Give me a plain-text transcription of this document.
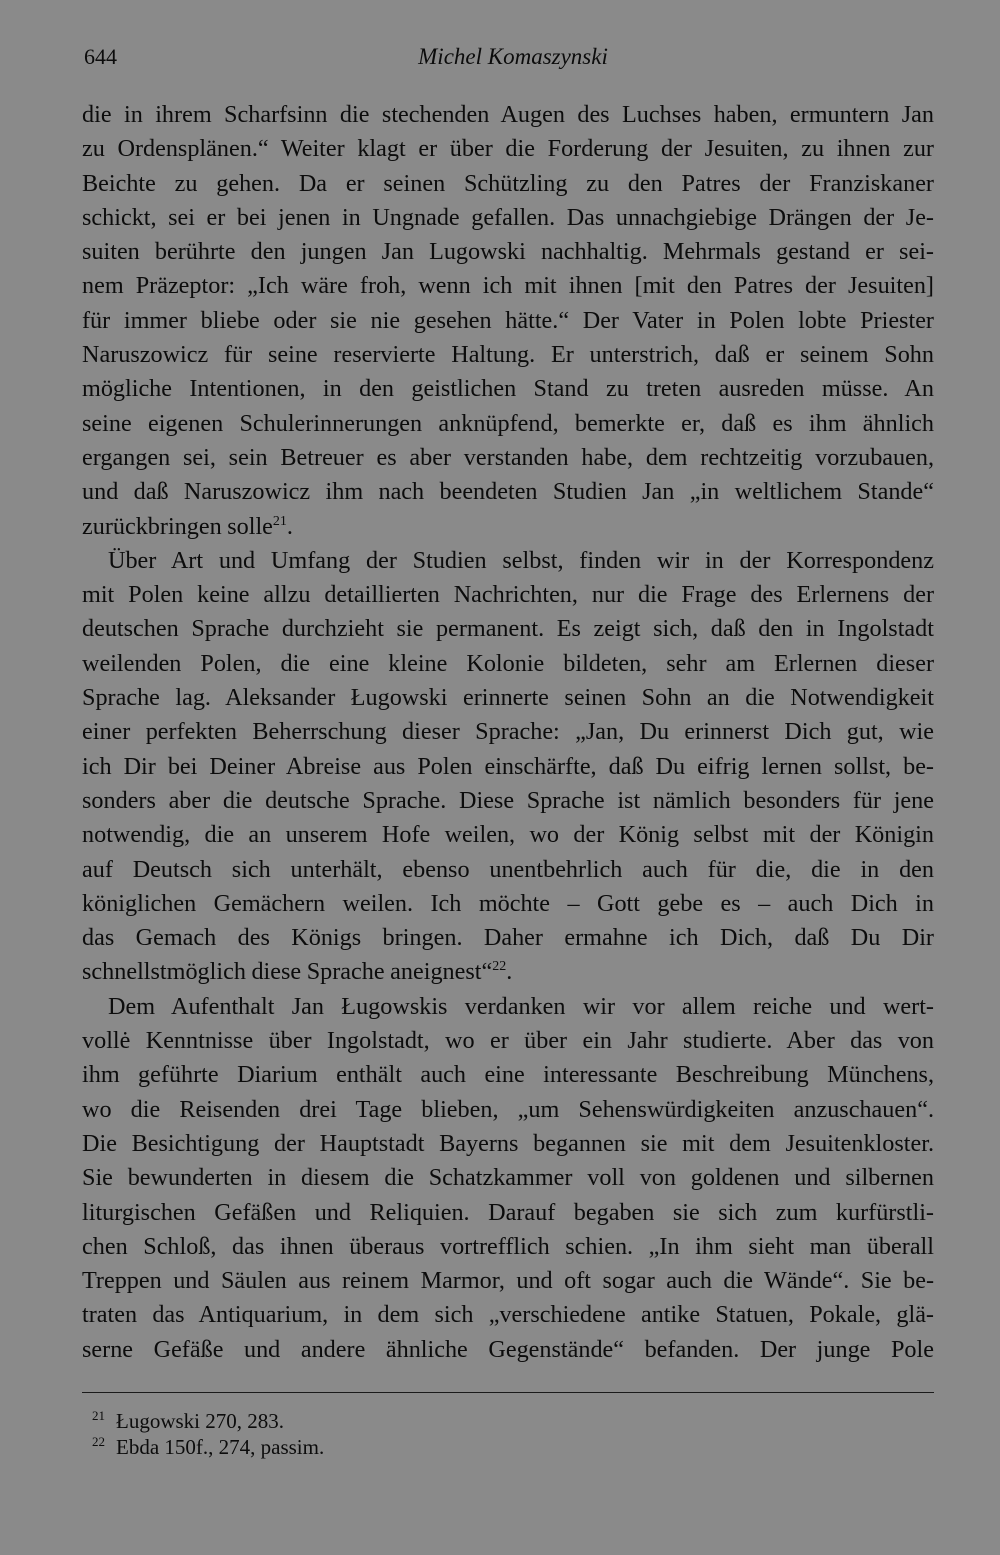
644	Michel Komaszynski
die in ihrem Scharfsinn die stechenden Augen des Luchses haben, ermuntern Jan
zu Ordensplänen.“ Weiter klagt er über die Forderung der Jesuiten, zu ihnen zur
Beichte zu gehen. Da er seinen Schützling zu den Patres der Franziskaner
schickt, sei er bei jenen in Ungnade gefallen. Das unnachgiebige Drängen der Je-
suiten berührte den jungen Jan Lugowski nachhaltig. Mehrmals gestand er sei-
nem Präzeptor: „Ich wäre froh, wenn ich mit ihnen [mit den Patres der Jesuiten]
für immer bliebe oder sie nie gesehen hätte.“ Der Vater in Polen lobte Priester
Naruszowicz für seine reservierte Haltung. Er unterstrich, daß er seinem Sohn
mögliche Intentionen, in den geistlichen Stand zu treten ausreden müsse. An
seine eigenen Schulerinnerungen anknüpfend, bemerkte er, daß es ihm ähnlich
ergangen sei, sein Betreuer es aber verstanden habe, dem rechtzeitig vorzubauen,
und daß Naruszowicz ihm nach beendeten Studien Jan „in weltlichem Stande“
zurückbringen solle$^{21}$.
Über Art und Umfang der Studien selbst, finden wir in der Korrespondenz
mit Polen keine allzu detaillierten Nachrichten, nur die Frage des Erlernens der
deutschen Sprache durchzieht sie permanent. Es zeigt sich, daß den in Ingolstadt
weilenden Polen, die eine kleine Kolonie bildeten, sehr am Erlernen dieser
Sprache lag. Aleksander Ługowski erinnerte seinen Sohn an die Notwendigkeit
einer perfekten Beherrschung dieser Sprache: „Jan, Du erinnerst Dich gut, wie
ich Dir bei Deiner Abreise aus Polen einschärfte, daß Du eifrig lernen sollst, be-
sonders aber die deutsche Sprache. Diese Sprache ist nämlich besonders für jene
notwendig, die an unserem Hofe weilen, wo der König selbst mit der Königin
auf Deutsch sich unterhält, ebenso unentbehrlich auch für die, die in den
königlichen Gemächern weilen. Ich möchte – Gott gebe es – auch Dich in
das Gemach des Königs bringen. Daher ermahne ich Dich, daß Du Dir
schnellstmöglich diese Sprache aneignest“$^{22}$.
Dem Aufenthalt Jan Ługowskis verdanken wir vor allem reiche und wert-
vollė Kenntnisse über Ingolstadt, wo er über ein Jahr studierte. Aber das von
ihm geführte Diarium enthält auch eine interessante Beschreibung Münchens,
wo die Reisenden drei Tage blieben, „um Sehenswürdigkeiten anzuschauen“.
Die Besichtigung der Hauptstadt Bayerns begannen sie mit dem Jesuitenkloster.
Sie bewunderten in diesem die Schatzkammer voll von goldenen und silbernen
liturgischen Gefäßen und Reliquien. Darauf begaben sie sich zum kurfürstli-
chen Schloß, das ihnen überaus vortrefflich schien. „In ihm sieht man überall
Treppen und Säulen aus reinem Marmor, und oft sogar auch die Wände“. Sie be-
traten das Antiquarium, in dem sich „verschiedene antike Statuen, Pokale, glä-
serne Gefäße und andere ähnliche Gegenstände“ befanden. Der junge Pole
21 Ługowski 270, 283.
22 Ebda 150f., 274, passim.
